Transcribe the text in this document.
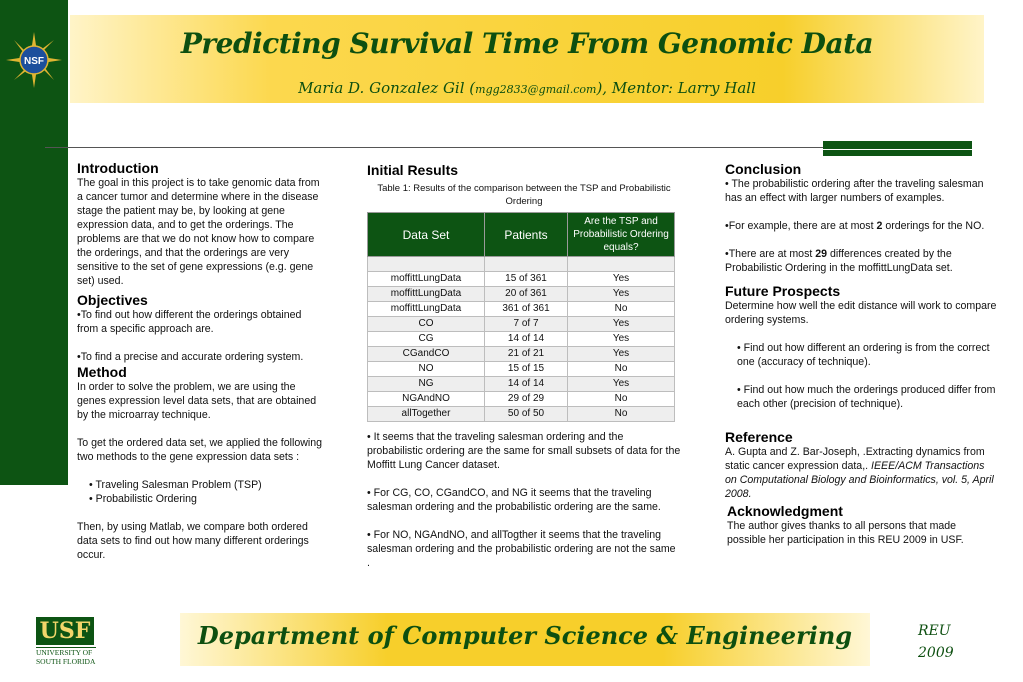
NSF
Predicting Survival Time From Genomic Data
Maria D. Gonzalez Gil (mgg2833@gmail.com), Mentor: Larry Hall
Introduction

The goal in this project is to take genomic data from a cancer tumor and determine where in the disease stage the patient may be, by looking at gene expression data, and to get the orderings. The problems are that we do not know how to compare the orderings, and that the orderings are very sensitive to the set of gene expressions (e.g. gene set) used.

Objectives

•To find out how different the orderings obtained from a specific approach are.

•To find a precise and accurate ordering system.

Method

In order to solve the problem, we are using the genes expression level data sets, that are obtained by the microarray technique.

To get the ordered data set, we applied the following two methods to the gene expression data sets :

• Traveling Salesman Problem (TSP)
• Probabilistic Ordering

Then, by using Matlab, we compare both ordered data sets to find out how many different orderings occur.

Initial Results
Table 1: Results of the comparison between the TSP and Probabilistic Ordering
Data Set	Patients	Are the TSP and Probabilistic Ordering equals?

moffittLungData	15 of 361	Yes
moffittLungData	20 of 361	Yes
moffittLungData	361 of 361	No
CO	7 of 7	Yes
CG	14 of 14	Yes
CGandCO	21 of 21	Yes
NO	15 of 15	No
NG	14 of 14	Yes
NGAndNO	29 of 29	No
allTogether	50 of 50	No

• It seems that the traveling salesman ordering and the probabilistic ordering are the same for small subsets of data for the Moffitt Lung Cancer dataset.

• For CG, CO, CGandCO, and NG it seems that the traveling salesman ordering and the probabilistic ordering are the same.

• For NO, NGAndNO, and allTogther it seems that the traveling salesman ordering and the probabilistic ordering are not the same .

Conclusion

• The probabilistic ordering after the traveling salesman has an effect with larger numbers of examples.

•For example, there are at most 2 orderings for the NO.

•There are at most 29 differences created by the Probabilistic Ordering in the moffittLungData set.

Future Prospects

Determine how well the edit distance will work to compare ordering systems.

• Find out how different an ordering is from the correct one (accuracy of technique).

• Find out how much the orderings produced differ from each other (precision of technique).

Reference

A. Gupta and Z. Bar-Joseph, .Extracting dynamics from static cancer expression data,. IEEE/ACM Transactions on Computational Biology and Bioinformatics, vol. 5, April 2008.

Acknowledgment

The author gives thanks to all persons that made possible her participation in this REU 2009 in USF.

USF
UNIVERSITY OF
SOUTH FLORIDA
Department of Computer Science & Engineering	REU
2009
